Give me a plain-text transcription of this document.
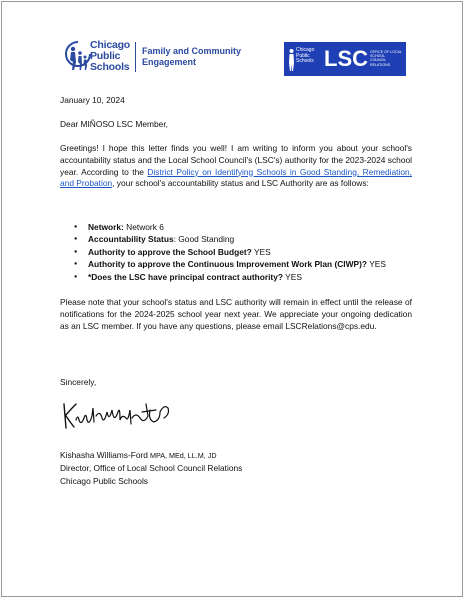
Chicago
Public
Schools
Family and Community
Engagement
Chicago
Public
Schools LSC OFFICE OF LOCAL SCHOOL
COUNCIL RELATIONS
January 10, 2024
Dear MIÑOSO LSC Member,
Greetings! I hope this letter finds you well! I am writing to inform you about your school's accountability status and the Local School Council's (LSC's) authority for the 2023-2024 school year. According to the District Policy on Identifying Schools in Good Standing, Remediation, and Probation, your school's accountability status and LSC Authority are as follows:
● Network: Network 6
● Accountability Status: Good Standing
● Authority to approve the School Budget? YES
● Authority to approve the Continuous Improvement Work Plan (CIWP)? YES
● *Does the LSC have principal contract authority? YES
Please note that your school's status and LSC authority will remain in effect until the release of notifications for the 2024-2025 school year next year. We appreciate your ongoing dedication as an LSC member. If you have any questions, please email LSCRelations@cps.edu.
Sincerely,
Kishasha Williams-Ford MPA, MEd, LL.M, JD
Director, Office of Local School Council Relations
Chicago Public Schools
